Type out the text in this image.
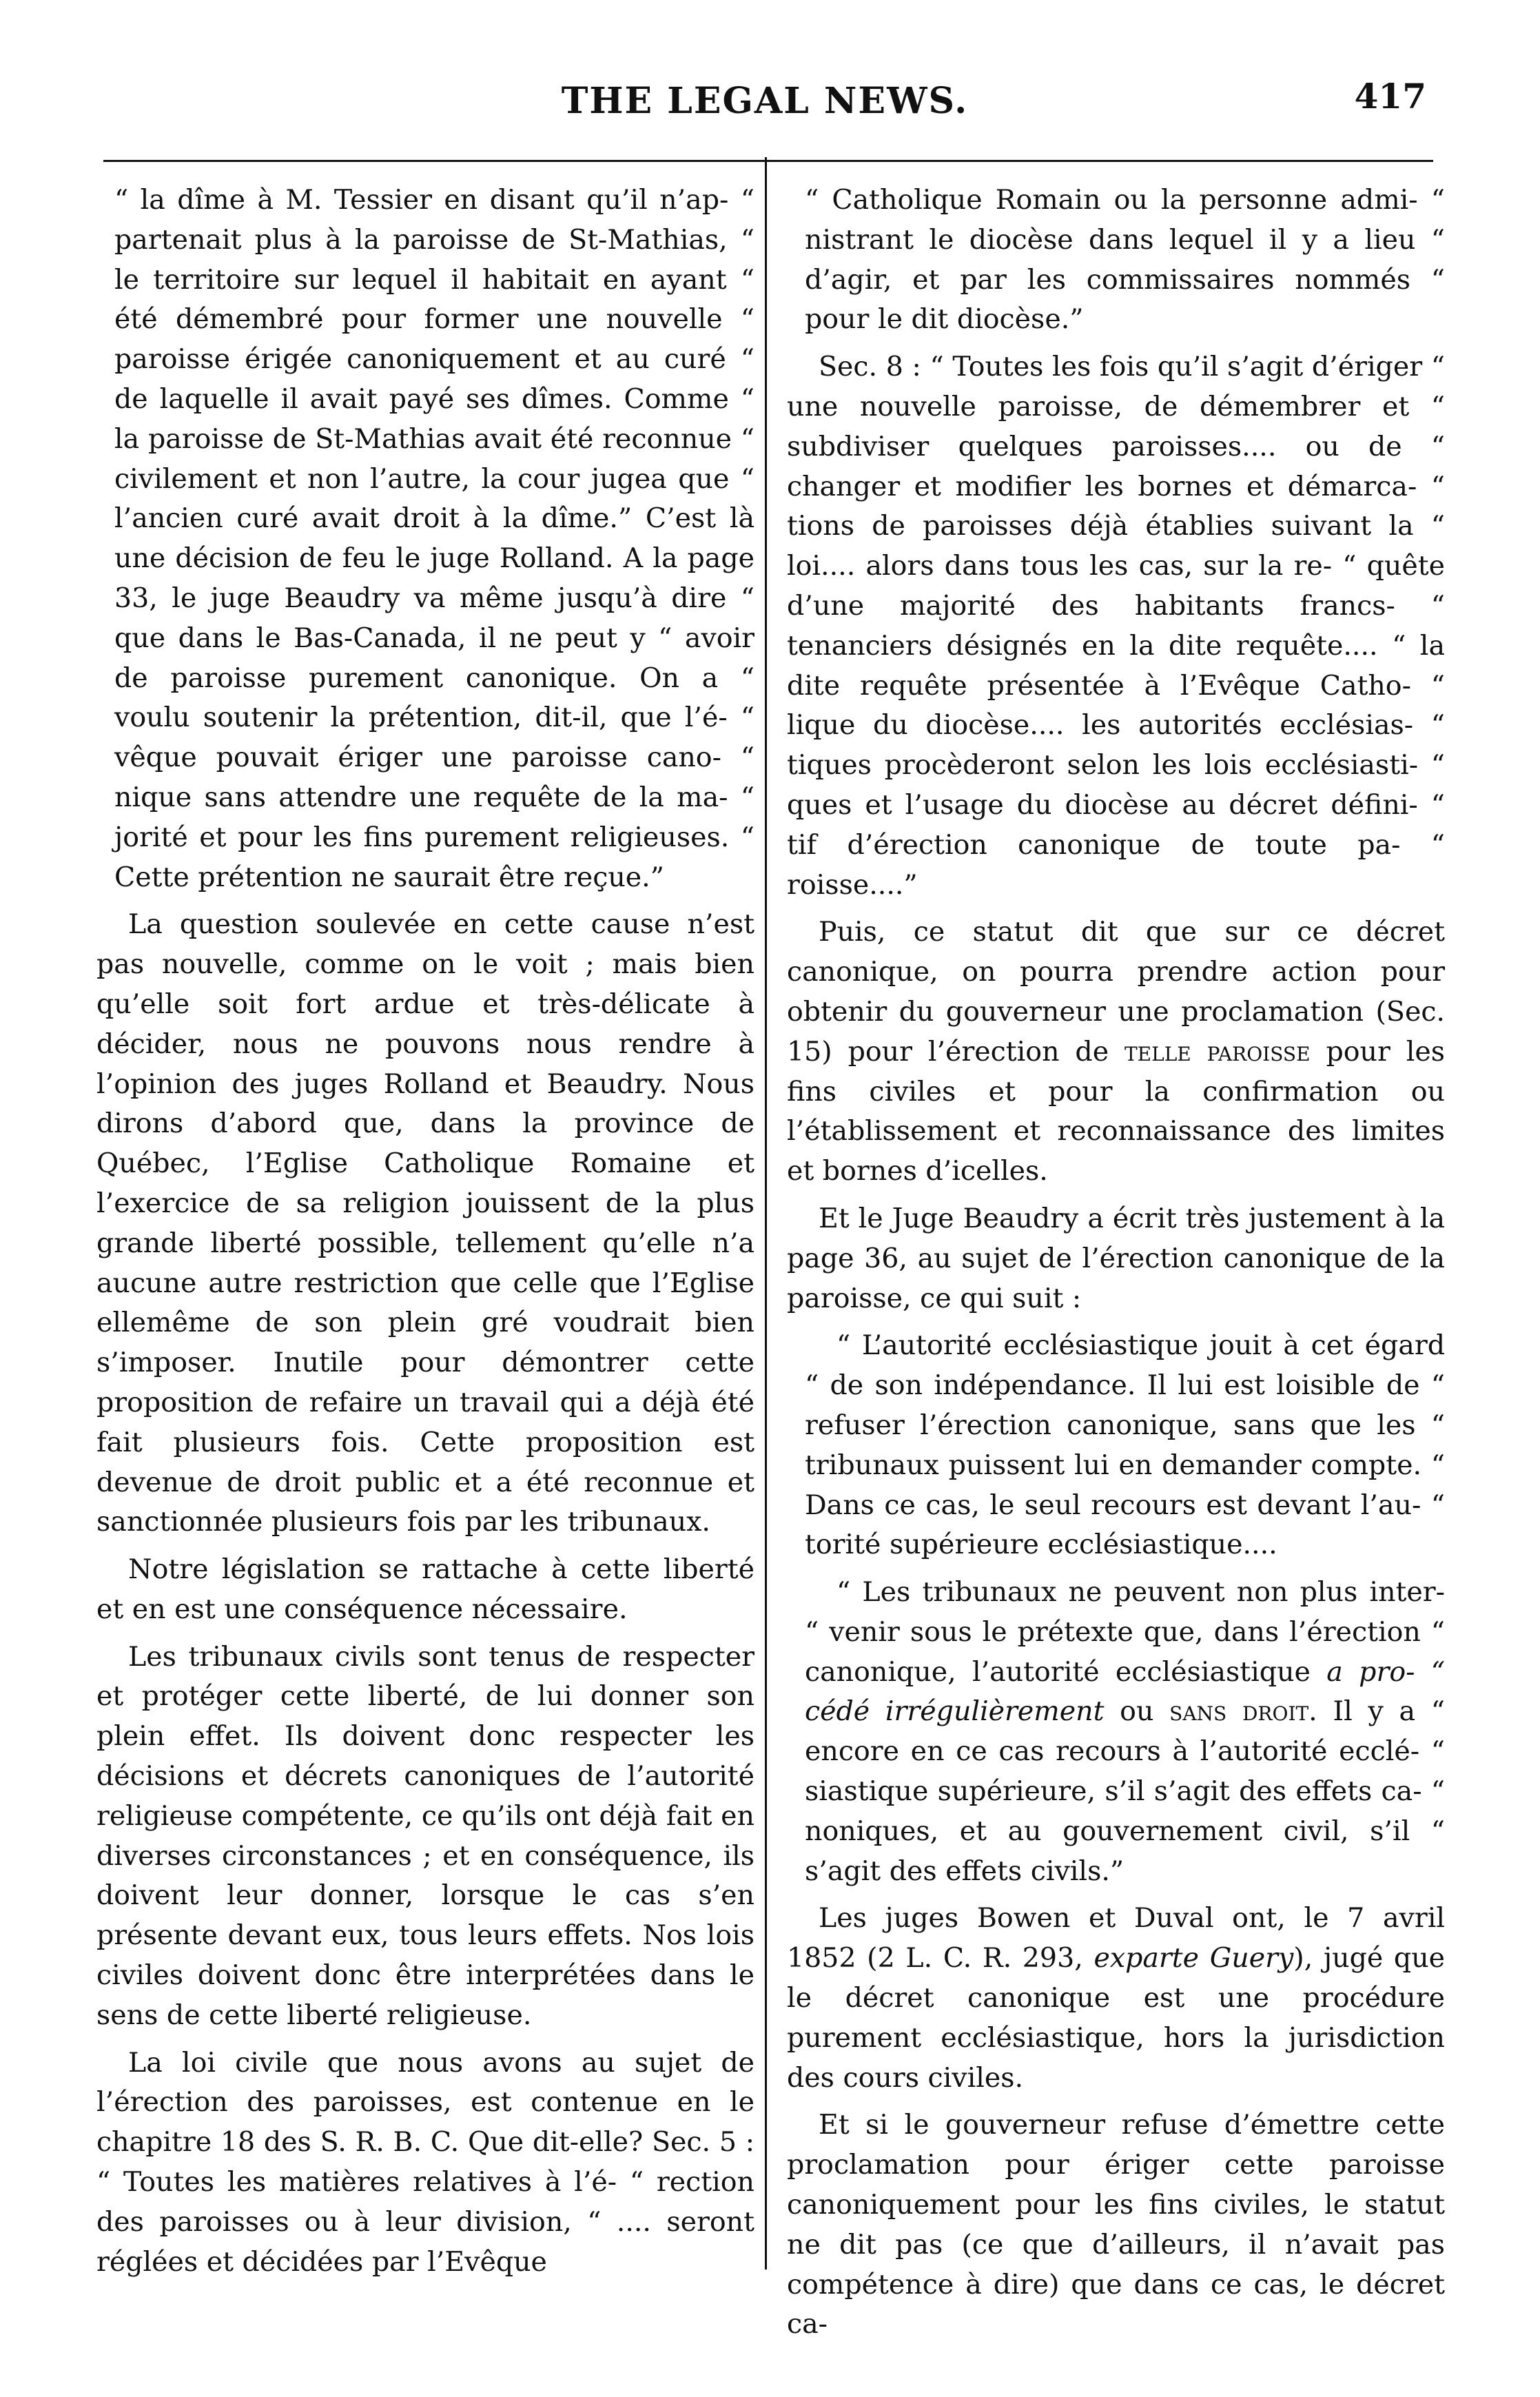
THE LEGAL NEWS.	417

“ la dîme à M. Tessier en disant qu’il n’ap- “ partenait plus à la paroisse de St-Mathias, “ le territoire sur lequel il habitait en ayant “ été démembré pour former une nouvelle “ paroisse érigée canoniquement et au curé “ de laquelle il avait payé ses dîmes. Comme “ la paroisse de St-Mathias avait été reconnue “ civilement et non l’autre, la cour jugea que “ l’ancien curé avait droit à la dîme.” C’est là une décision de feu le juge Rolland. A la page 33, le juge Beaudry va même jusqu’à dire “ que dans le Bas-Canada, il ne peut y “ avoir de paroisse purement canonique. On a “ voulu soutenir la prétention, dit-il, que l’é- “ vêque pouvait ériger une paroisse cano- “ nique sans attendre une requête de la ma- “ jorité et pour les fins purement religieuses. “ Cette prétention ne saurait être reçue.”

La question soulevée en cette cause n’est pas nouvelle, comme on le voit ; mais bien qu’elle soit fort ardue et très-délicate à décider, nous ne pouvons nous rendre à l’opinion des juges Rolland et Beaudry. Nous dirons d’abord que, dans la province de Québec, l’Eglise Catholique Romaine et l’exercice de sa religion jouissent de la plus grande liberté possible, tellement qu’elle n’a aucune autre restriction que celle que l’Eglise ellemême de son plein gré voudrait bien s’imposer. Inutile pour démontrer cette proposition de refaire un travail qui a déjà été fait plusieurs fois. Cette proposition est devenue de droit public et a été reconnue et sanctionnée plusieurs fois par les tribunaux.

Notre législation se rattache à cette liberté et en est une conséquence nécessaire.

Les tribunaux civils sont tenus de respecter et protéger cette liberté, de lui donner son plein effet. Ils doivent donc respecter les décisions et décrets canoniques de l’autorité religieuse compétente, ce qu’ils ont déjà fait en diverses circonstances ; et en conséquence, ils doivent leur donner, lorsque le cas s’en présente devant eux, tous leurs effets. Nos lois civiles doivent donc être interprétées dans le sens de cette liberté religieuse.

La loi civile que nous avons au sujet de l’érection des paroisses, est contenue en le chapitre 18 des S. R. B. C. Que dit-elle? Sec. 5 : “ Toutes les matières relatives à l’é- “ rection des paroisses ou à leur division, “ .... seront réglées et décidées par l’Evêque

“ Catholique Romain ou la personne admi- “ nistrant le diocèse dans lequel il y a lieu “ d’agir, et par les commissaires nommés “ pour le dit diocèse.”

Sec. 8 : “ Toutes les fois qu’il s’agit d’ériger “ une nouvelle paroisse, de démembrer et “ subdiviser quelques paroisses.... ou de “ changer et modifier les bornes et démarca- “ tions de paroisses déjà établies suivant la “ loi.... alors dans tous les cas, sur la re- “ quête d’une majorité des habitants francs- “ tenanciers désignés en la dite requête.... “ la dite requête présentée à l’Evêque Catho- “ lique du diocèse.... les autorités ecclésias- “ tiques procèderont selon les lois ecclésiasti- “ ques et l’usage du diocèse au décret défini- “ tif d’érection canonique de toute pa- “ roisse....”

Puis, ce statut dit que sur ce décret canonique, on pourra prendre action pour obtenir du gouverneur une proclamation (Sec. 15) pour l’érection de telle paroisse pour les fins civiles et pour la confirmation ou l’établissement et reconnaissance des limites et bornes d’icelles.

Et le Juge Beaudry a écrit très justement à la page 36, au sujet de l’érection canonique de la paroisse, ce qui suit :

“ L’autorité ecclésiastique jouit à cet égard “ de son indépendance. Il lui est loisible de “ refuser l’érection canonique, sans que les “ tribunaux puissent lui en demander compte. “ Dans ce cas, le seul recours est devant l’au- “ torité supérieure ecclésiastique....

“ Les tribunaux ne peuvent non plus inter- “ venir sous le prétexte que, dans l’érection “ canonique, l’autorité ecclésiastique a pro- “ cédé irrégulièrement ou sans droit. Il y a “ encore en ce cas recours à l’autorité ecclé- “ siastique supérieure, s’il s’agit des effets ca- “ noniques, et au gouvernement civil, s’il “ s’agit des effets civils.”

Les juges Bowen et Duval ont, le 7 avril 1852 (2 L. C. R. 293, exparte Guery), jugé que le décret canonique est une procédure purement ecclésiastique, hors la jurisdiction des cours civiles.

Et si le gouverneur refuse d’émettre cette proclamation pour ériger cette paroisse canoniquement pour les fins civiles, le statut ne dit pas (ce que d’ailleurs, il n’avait pas compétence à dire) que dans ce cas, le décret ca-
